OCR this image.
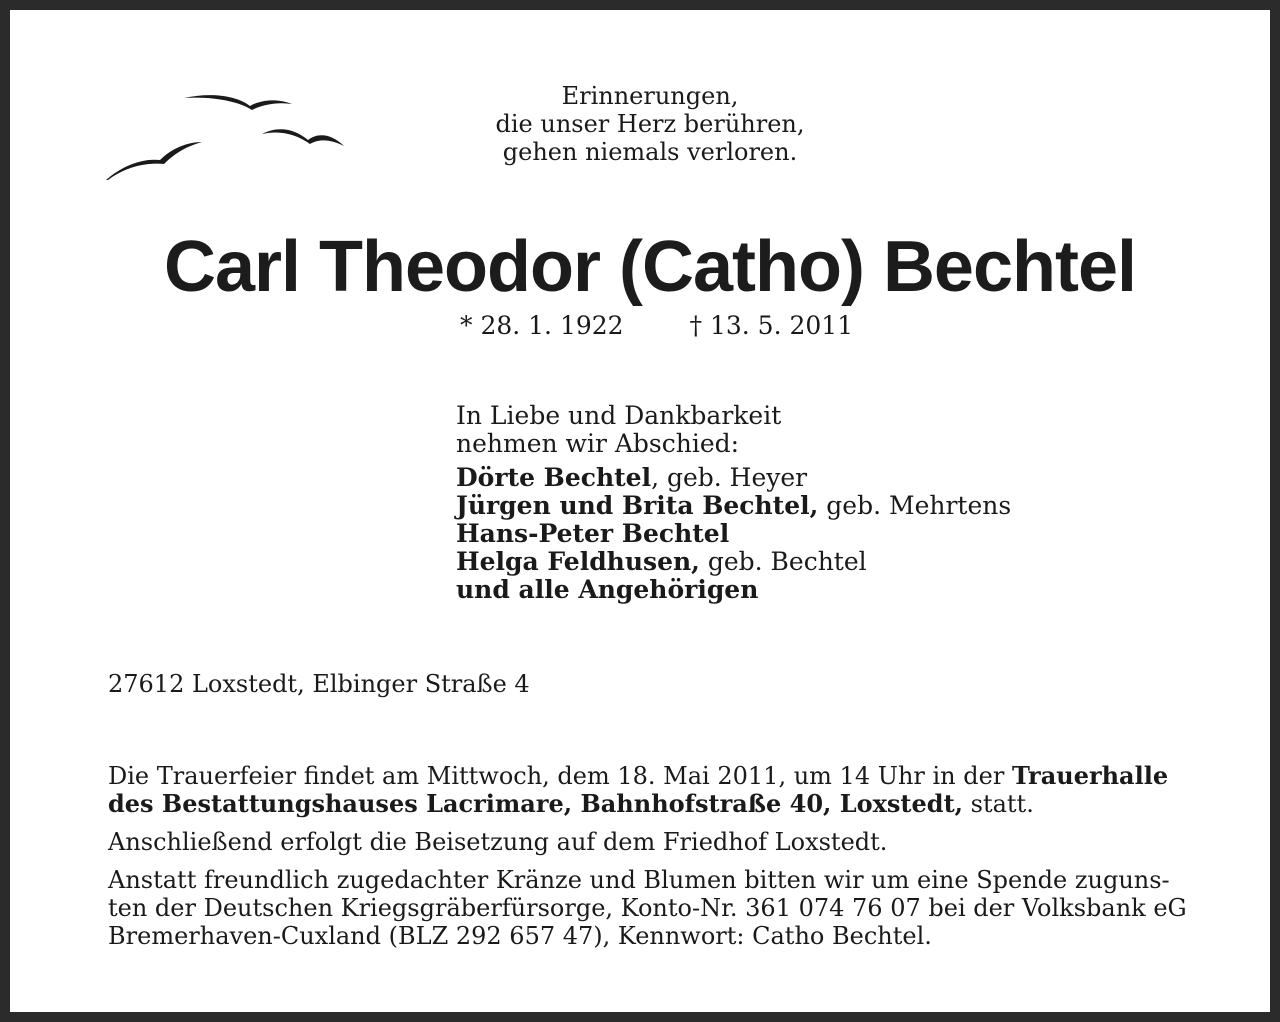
Erinnerungen,
die unser Herz berühren,
gehen niemals verloren.
Carl Theodor (Catho) Bechtel
* 28. 1. 1922	† 13. 5. 2011
In Liebe und Dankbarkeit
nehmen wir Abschied:
Dörte Bechtel, geb. Heyer
Jürgen und Brita Bechtel, geb. Mehrtens
Hans-Peter Bechtel
Helga Feldhusen, geb. Bechtel
und alle Angehörigen
27612 Loxstedt, Elbinger Straße 4

Die Trauerfeier findet am Mittwoch, dem 18. Mai 2011, um 14 Uhr in der Trauerhalle des Bestattungshauses Lacrimare, Bahnhofstraße 40, Loxstedt, statt.

Anschließend erfolgt die Beisetzung auf dem Friedhof Loxstedt.

Anstatt freundlich zugedachter Kränze und Blumen bitten wir um eine Spende zuguns-
ten der Deutschen Kriegsgräberfürsorge, Konto-Nr. 361 074 76 07 bei der Volksbank eG
Bremerhaven-Cuxland (BLZ 292 657 47), Kennwort: Catho Bechtel.
